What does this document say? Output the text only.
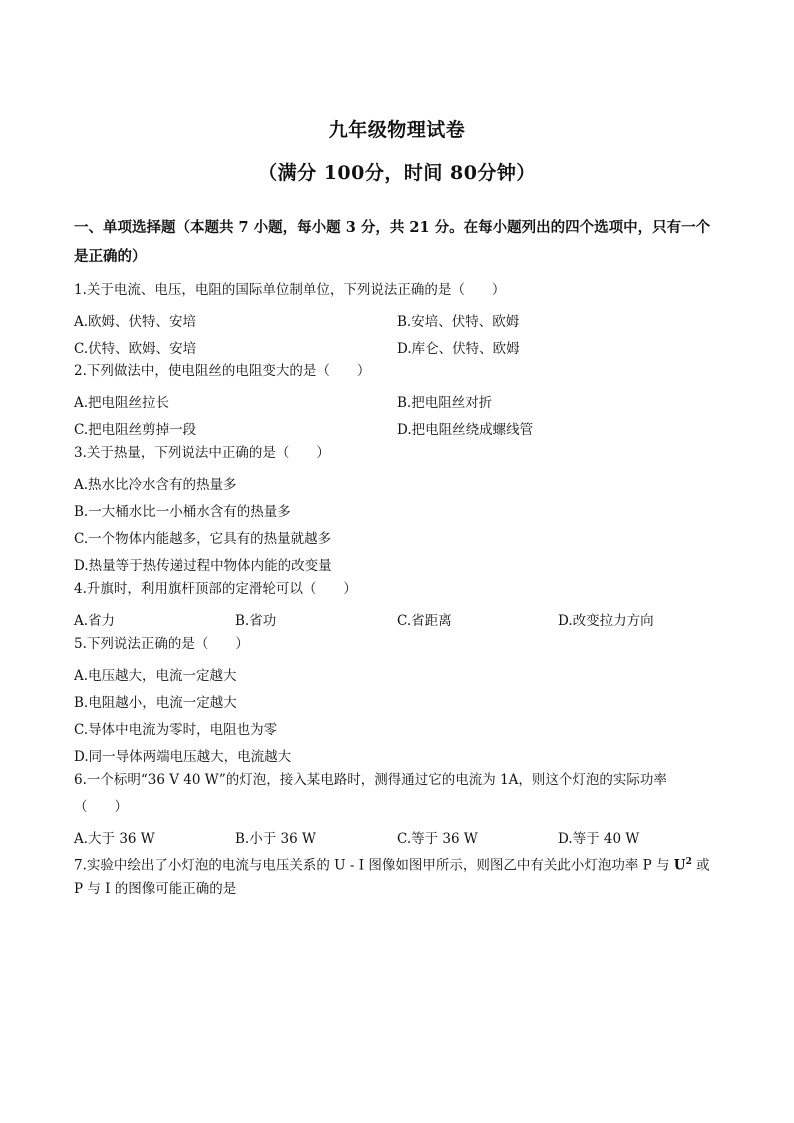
九年级物理试卷
（满分 100分，时间 80分钟）
一、单项选择题（本题共 7 小题，每小题 3 分，共 21 分。在每小题列出的四个选项中，只有一个是正确的）
1.关于电流、电压，电阻的国际单位制单位，下列说法正确的是（　　）
A.欧姆、伏特、安培	B.安培、伏特、欧姆
C.伏特、欧姆、安培	D.库仑、伏特、欧姆
2.下列做法中，使电阻丝的电阻变大的是（　　）
A.把电阻丝拉长	B.把电阻丝对折
C.把电阻丝剪掉一段	D.把电阻丝绕成螺线管
3.关于热量，下列说法中正确的是（　　）
A.热水比冷水含有的热量多
B.一大桶水比一小桶水含有的热量多
C.一个物体内能越多，它具有的热量就越多
D.热量等于热传递过程中物体内能的改变量
4.升旗时，利用旗杆顶部的定滑轮可以（　　）
A.省力	B.省功	C.省距离	D.改变拉力方向
5.下列说法正确的是（　　）
A.电压越大，电流一定越大
B.电阻越小，电流一定越大
C.导体中电流为零时，电阻也为零
D.同一导体两端电压越大，电流越大
6.一个标明“36 V 40 W”的灯泡，接入某电路时，测得通过它的电流为 1A，则这个灯泡的实际功率（　　）
A.大于 36 W	B.小于 36 W	C.等于 36 W	D.等于 40 W
7.实验中绘出了小灯泡的电流与电压关系的 U - I 图像如图甲所示，则图乙中有关此小灯泡功率 P 与 $U^2$ 或
P 与 I 的图像可能正确的是
